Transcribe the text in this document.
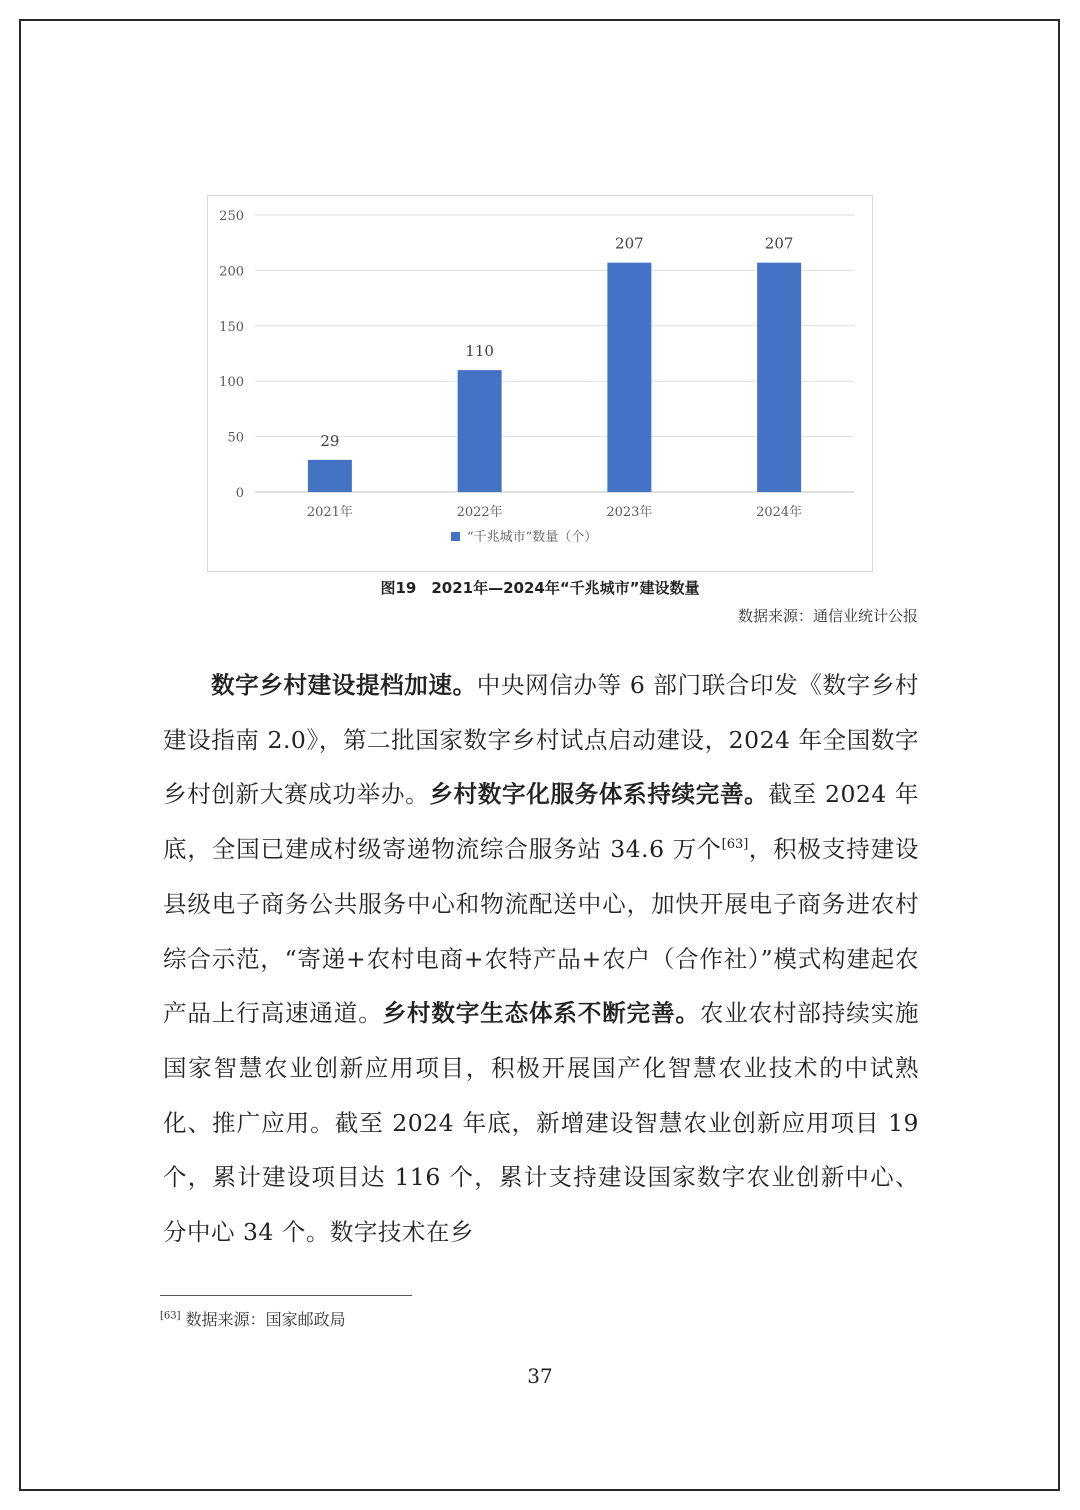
0
50
100
150
200
250
29
2021年
110
2022年
207
2023年
207
2024年
“千兆城市”数量（个）
图19　2021年—2024年“千兆城市”建设数量
数据来源：通信业统计公报
数字乡村建设提档加速。中央网信办等 6 部门联合印发《数字乡村建设指南 2.0》，第二批国家数字乡村试点启动建设，2024 年全国数字乡村创新大赛成功举办。乡村数字化服务体系持续完善。截至 2024 年底，全国已建成村级寄递物流综合服务站 34.6 万个[63]，积极支持建设县级电子商务公共服务中心和物流配送中心，加快开展电子商务进农村综合示范，“寄递+农村电商+农特产品+农户（合作社）”模式构建起农产品上行高速通道。乡村数字生态体系不断完善。农业农村部持续实施国家智慧农业创新应用项目，积极开展国产化智慧农业技术的中试熟化、推广应用。截至 2024 年底，新增建设智慧农业创新应用项目 19 个，累计建设项目达 116 个，累计支持建设国家数字农业创新中心、分中心 34 个。数字技术在乡
[63] 数据来源：国家邮政局
37
